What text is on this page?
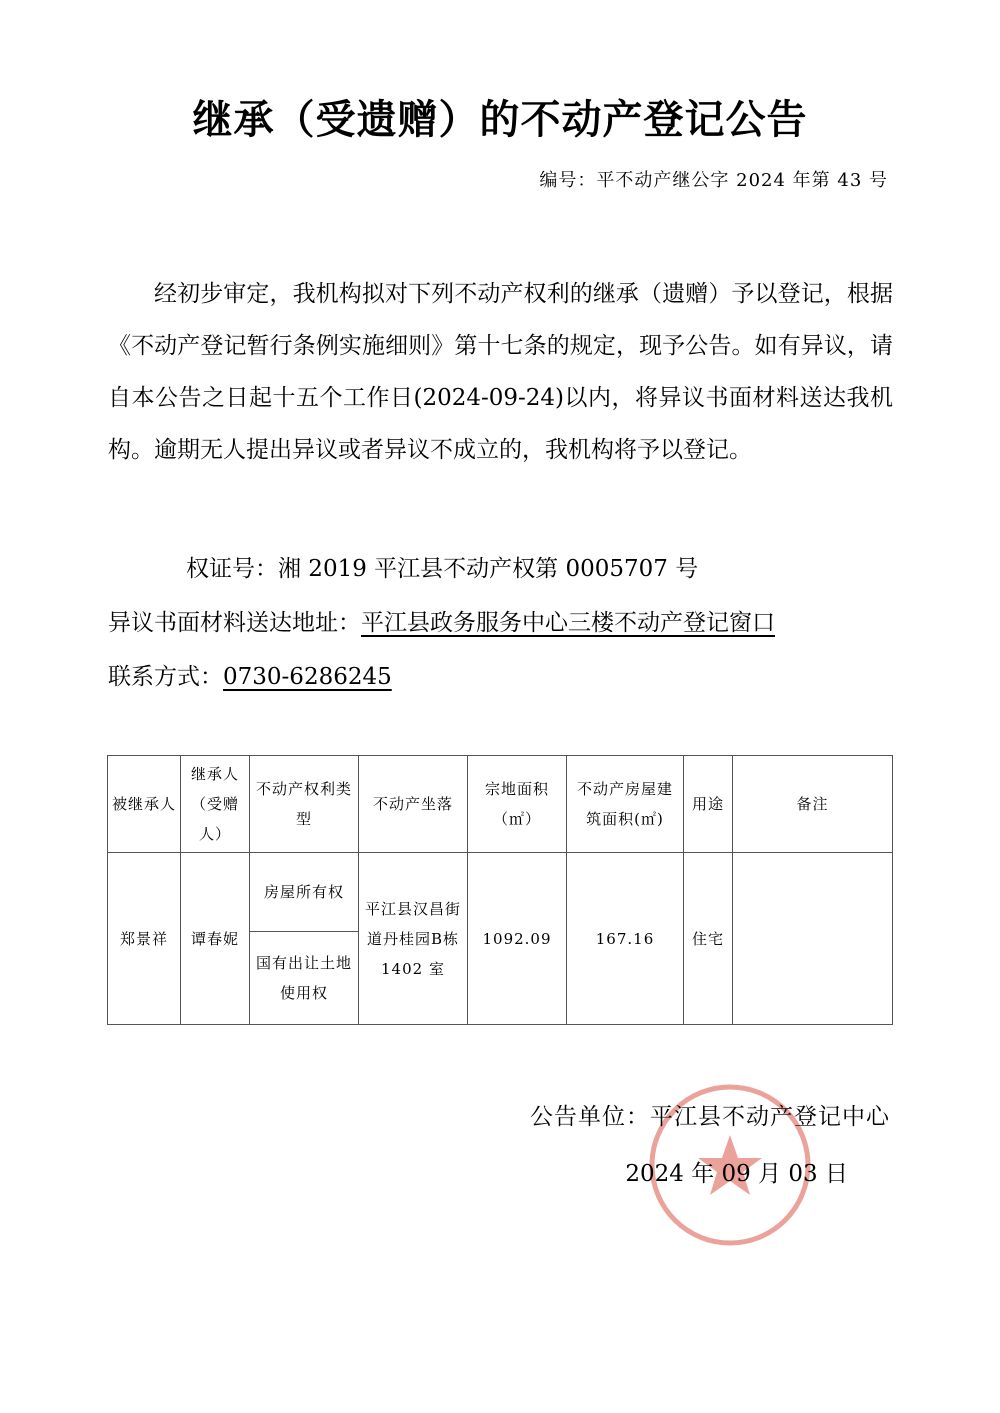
继承（受遗赠）的不动产登记公告
编号：平不动产继公字 2024 年第 43 号

经初步审定，我机构拟对下列不动产权利的继承（遗赠）予以登记，根据《不动产登记暂行条例实施细则》第十七条的规定，现予公告。如有异议，请自本公告之日起十五个工作日(2024-09-24)以内，将异议书面材料送达我机构。逾期无人提出异议或者异议不成立的，我机构将予以登记。

权证号：湘 2019 平江县不动产权第 0005707 号
异议书面材料送达地址：平江县政务服务中心三楼不动产登记窗口
联系方式：0730-6286245
被继承人	继承人（受赠人）	不动产权利类 型	不动产坐落	宗地面积（㎡）	不动产房屋建筑面积(㎡)	用途	备注
郑景祥	谭春妮	房屋所有权	平江县汉昌街道丹桂园B栋 1402 室	1092.09	167.16	住宅	
		国有出让土地使用权					
公告单位：平江县不动产登记中心
2024 年 09 月 03 日
